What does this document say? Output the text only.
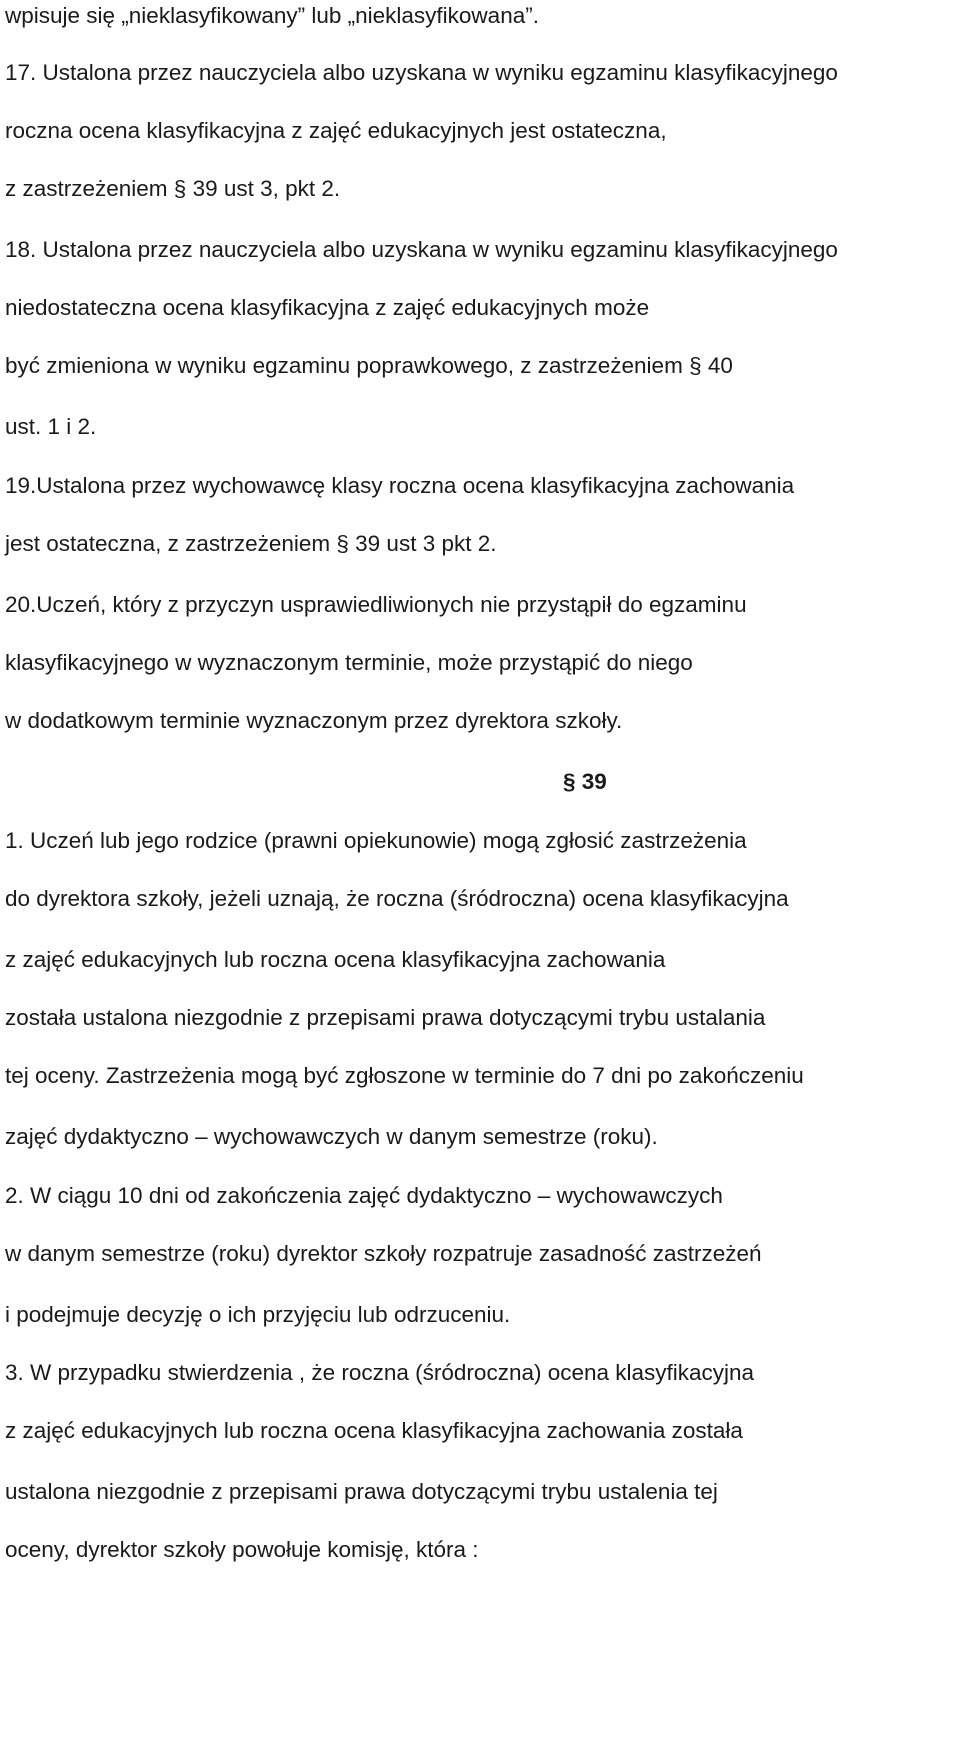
wpisuje się „nieklasyfikowany” lub „nieklasyfikowana”.
17. Ustalona przez nauczyciela albo uzyskana w wyniku egzaminu klasyfikacyjnego
roczna ocena klasyfikacyjna z zajęć edukacyjnych jest ostateczna,
z zastrzeżeniem § 39 ust 3, pkt 2.
18. Ustalona przez nauczyciela albo uzyskana w wyniku egzaminu klasyfikacyjnego
niedostateczna ocena klasyfikacyjna z zajęć edukacyjnych może
być zmieniona w wyniku egzaminu poprawkowego, z zastrzeżeniem § 40
ust. 1 i 2.
19.Ustalona przez wychowawcę klasy roczna ocena klasyfikacyjna zachowania
jest ostateczna, z zastrzeżeniem § 39 ust 3 pkt 2.
20.Uczeń, który z przyczyn usprawiedliwionych nie przystąpił do egzaminu
klasyfikacyjnego w wyznaczonym terminie, może przystąpić do niego
w dodatkowym terminie wyznaczonym przez dyrektora szkoły.
§ 39
1. Uczeń lub jego rodzice (prawni opiekunowie) mogą zgłosić zastrzeżenia
do dyrektora szkoły, jeżeli uznają, że roczna (śródroczna) ocena klasyfikacyjna
z zajęć edukacyjnych lub roczna ocena klasyfikacyjna zachowania
została ustalona niezgodnie z przepisami prawa dotyczącymi trybu ustalania
tej oceny. Zastrzeżenia mogą być zgłoszone w terminie do 7 dni po zakończeniu
zajęć dydaktyczno – wychowawczych w danym semestrze (roku).
2. W ciągu 10 dni od zakończenia zajęć dydaktyczno – wychowawczych
w danym semestrze (roku) dyrektor szkoły rozpatruje zasadność zastrzeżeń
i podejmuje decyzję o ich przyjęciu lub odrzuceniu.
3. W przypadku stwierdzenia , że roczna (śródroczna) ocena klasyfikacyjna
z zajęć edukacyjnych lub roczna ocena klasyfikacyjna zachowania została
ustalona niezgodnie z przepisami prawa dotyczącymi trybu ustalenia tej
oceny, dyrektor szkoły powołuje komisję, która :
